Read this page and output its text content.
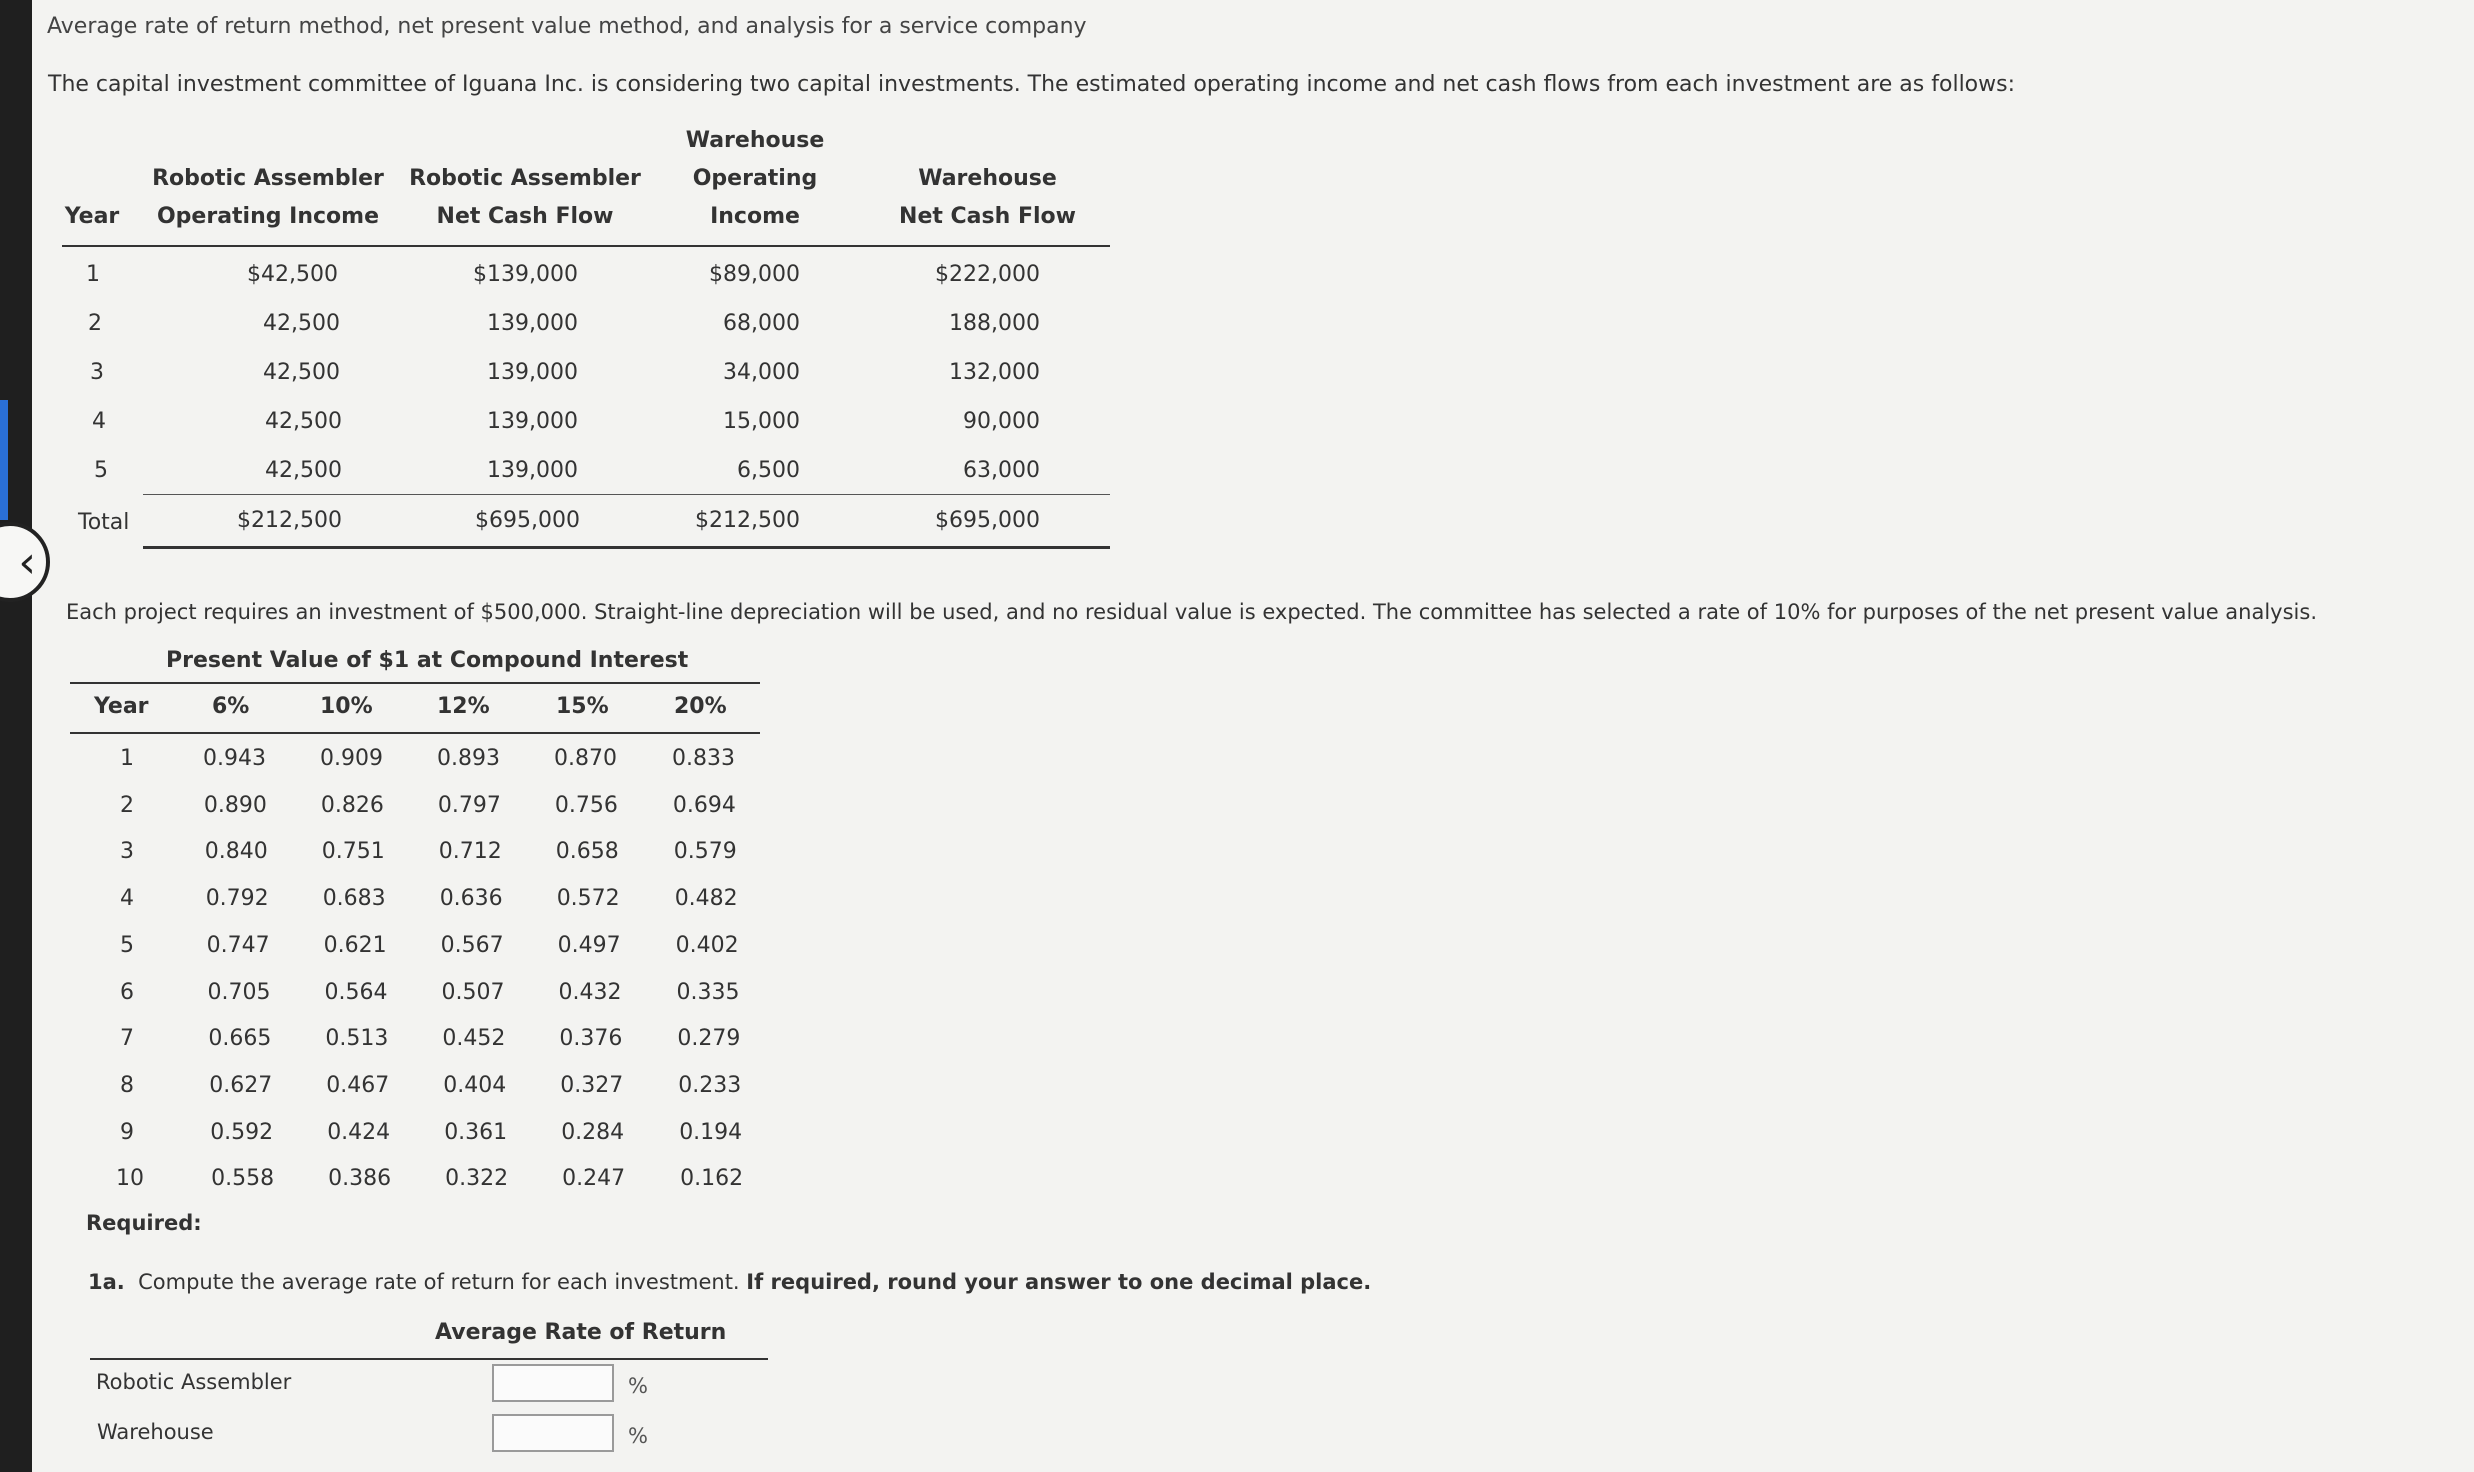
‹
Average rate of return method, net present value method, and analysis for a service company
The capital investment committee of Iguana Inc. is considering two capital investments. The estimated operating income and net cash flows from each investment are as follows:
Year
Robotic Assembler
Operating Income
Robotic Assembler
Net Cash Flow
Warehouse
Operating
Income
Warehouse
Net Cash Flow
1	$42,500	$139,000	$89,000	$222,000
2	42,500	139,000	68,000	188,000
3	42,500	139,000	34,000	132,000
4	42,500	139,000	15,000	90,000
5	42,500	139,000	6,500	63,000
Total	$212,500	$695,000	$212,500	$695,000
Each project requires an investment of $500,000. Straight-line depreciation will be used, and no residual value is expected. The committee has selected a rate of 10% for purposes of the net present value analysis.
Present Value of $1 at Compound Interest
Year	6%	10%	12%	15%	20%
1	0.943 0.909 0.893 0.870	0.833
2	0.890 0.826 0.797 0.756	0.694
3	0.840 0.751 0.712 0.658	0.579
4	0.792 0.683 0.636 0.572	0.482
5	0.747 0.621 0.567 0.497	0.402
6	0.705 0.564 0.507 0.432	0.335
7	0.665 0.513 0.452 0.376	0.279
8	0.627 0.467 0.404 0.327	0.233
9	0.592 0.424 0.361 0.284	0.194
10	0.558 0.386 0.322 0.247	0.162
Required:
1a. Compute the average rate of return for each investment. If required, round your answer to one decimal place.
Average Rate of Return
Robotic Assembler	%
Warehouse	%
